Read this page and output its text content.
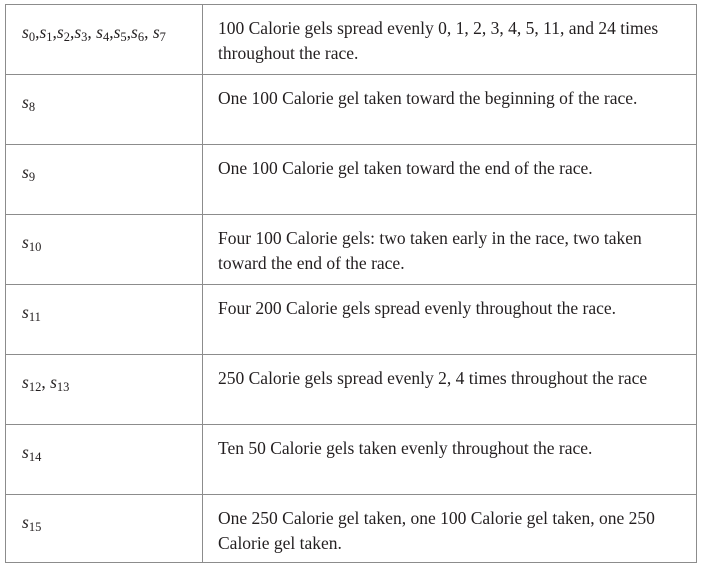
$s_0,s_1,s_2,s_3$, $s_4,s_5,s_6$, $s_7$	100 Calorie gels spread evenly 0, 1, 2, 3, 4, 5, 11, and 24 times throughout the race.
$s_8$	One 100 Calorie gel taken toward the beginning of the race.
$s_9$	One 100 Calorie gel taken toward the end of the race.
$s_{10}$	Four 100 Calorie gels: two taken early in the race, two taken toward the end of the race.
$s_{11}$	Four 200 Calorie gels spread evenly throughout the race.
$s_{12}$, $s_{13}$	250 Calorie gels spread evenly 2, 4 times throughout the race
$s_{14}$	Ten 50 Calorie gels taken evenly throughout the race.
$s_{15}$	One 250 Calorie gel taken, one 100 Calorie gel taken, one 250 Calorie gel taken.
